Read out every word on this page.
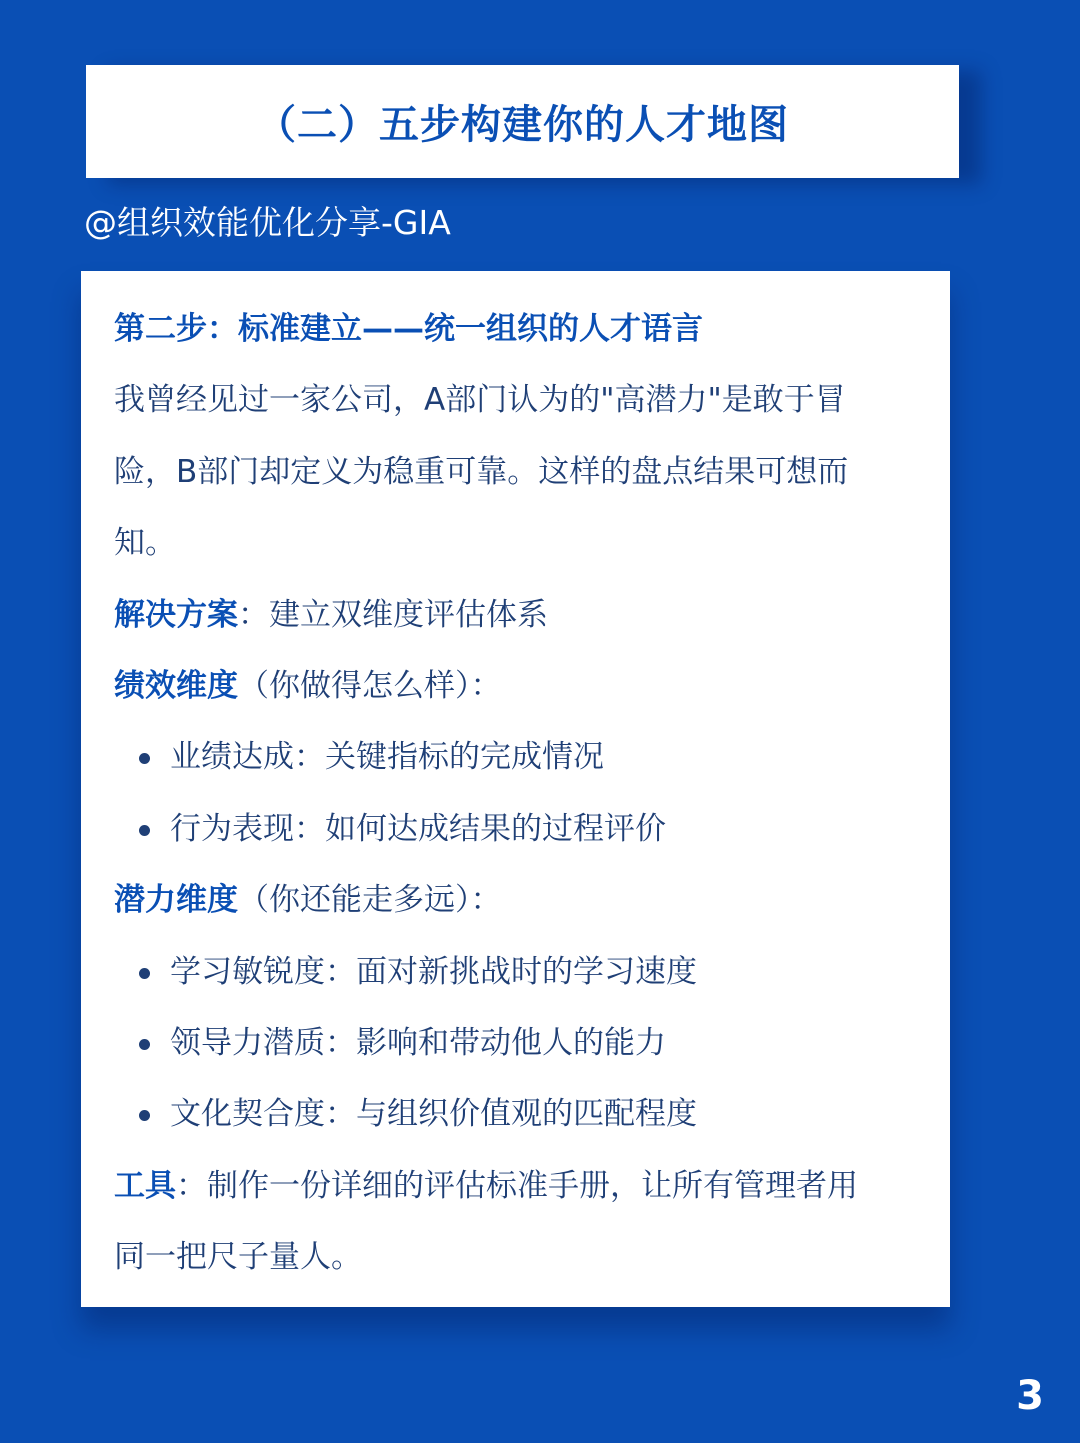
（二）五步构建你的人才地图
@组织效能优化分享-GIA
第二步：标准建立——统一组织的人才语言
我曾经见过一家公司，A部门认为的"高潜力"是敢于冒
险，B部门却定义为稳重可靠。这样的盘点结果可想而
知。
解决方案：建立双维度评估体系
绩效维度（你做得怎么样）：
业绩达成：关键指标的完成情况
行为表现：如何达成结果的过程评价
潜力维度（你还能走多远）：
学习敏锐度：面对新挑战时的学习速度
领导力潜质：影响和带动他人的能力
文化契合度：与组织价值观的匹配程度
工具：制作一份详细的评估标准手册，让所有管理者用
同一把尺子量人。
3
